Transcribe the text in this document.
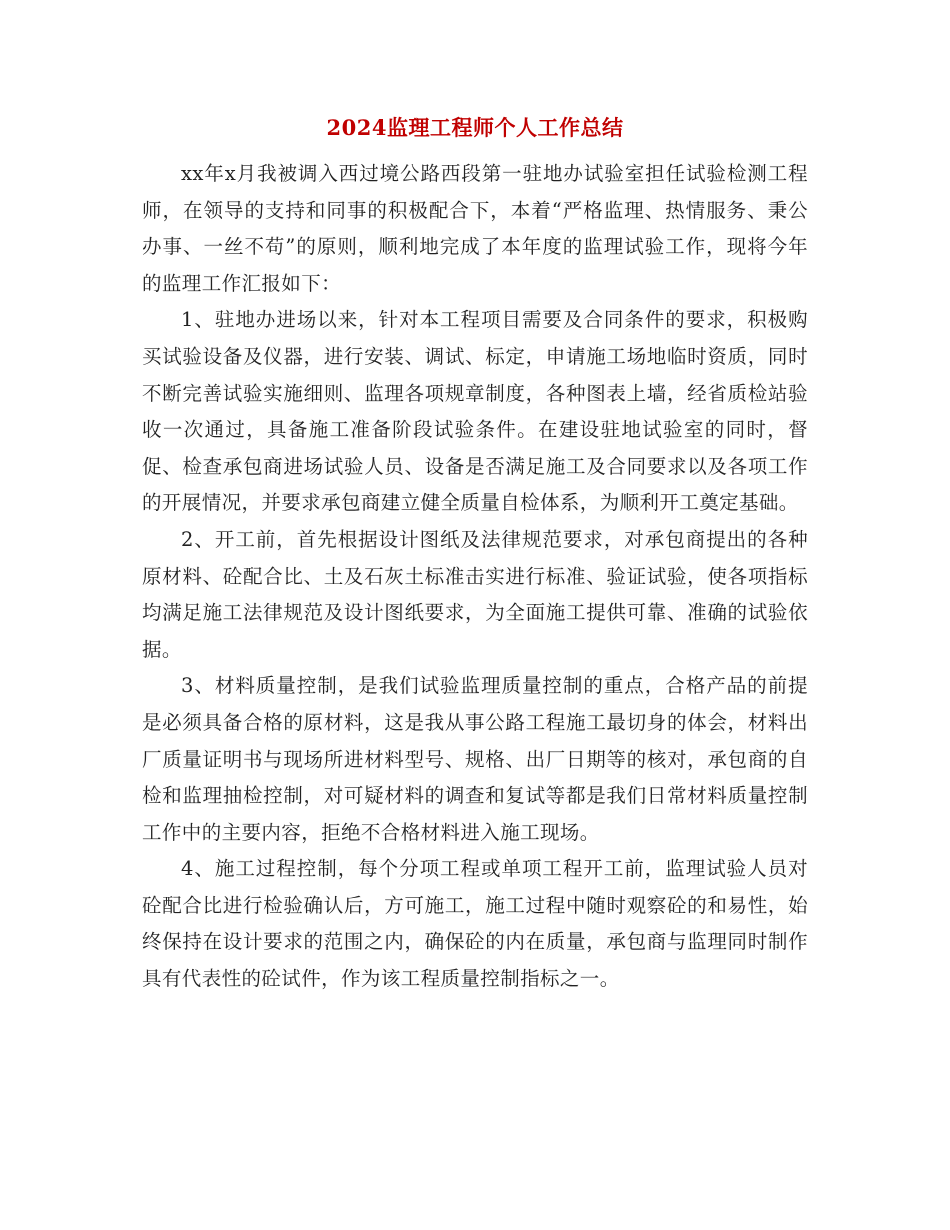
2024监理工程师个人工作总结

xx年x月我被调入西过境公路西段第一驻地办试验室担任试验检测工程师，在领导的支持和同事的积极配合下，本着“严格监理、热情服务、秉公办事、一丝不苟”的原则，顺利地完成了本年度的监理试验工作，现将今年的监理工作汇报如下：

1、驻地办进场以来，针对本工程项目需要及合同条件的要求，积极购买试验设备及仪器，进行安装、调试、标定，申请施工场地临时资质，同时不断完善试验实施细则、监理各项规章制度，各种图表上墙，经省质检站验收一次通过，具备施工准备阶段试验条件。在建设驻地试验室的同时，督促、检查承包商进场试验人员、设备是否满足施工及合同要求以及各项工作的开展情况，并要求承包商建立健全质量自检体系，为顺利开工奠定基础。

2、开工前，首先根据设计图纸及法律规范要求，对承包商提出的各种原材料、砼配合比、土及石灰土标准击实进行标准、验证试验，使各项指标均满足施工法律规范及设计图纸要求，为全面施工提供可靠、准确的试验依据。

3、材料质量控制，是我们试验监理质量控制的重点，合格产品的前提是必须具备合格的原材料，这是我从事公路工程施工最切身的体会，材料出厂质量证明书与现场所进材料型号、规格、出厂日期等的核对，承包商的自检和监理抽检控制，对可疑材料的调查和复试等都是我们日常材料质量控制工作中的主要内容，拒绝不合格材料进入施工现场。

4、施工过程控制，每个分项工程或单项工程开工前，监理试验人员对砼配合比进行检验确认后，方可施工，施工过程中随时观察砼的和易性，始终保持在设计要求的范围之内，确保砼的内在质量，承包商与监理同时制作具有代表性的砼试件，作为该工程质量控制指标之一。
